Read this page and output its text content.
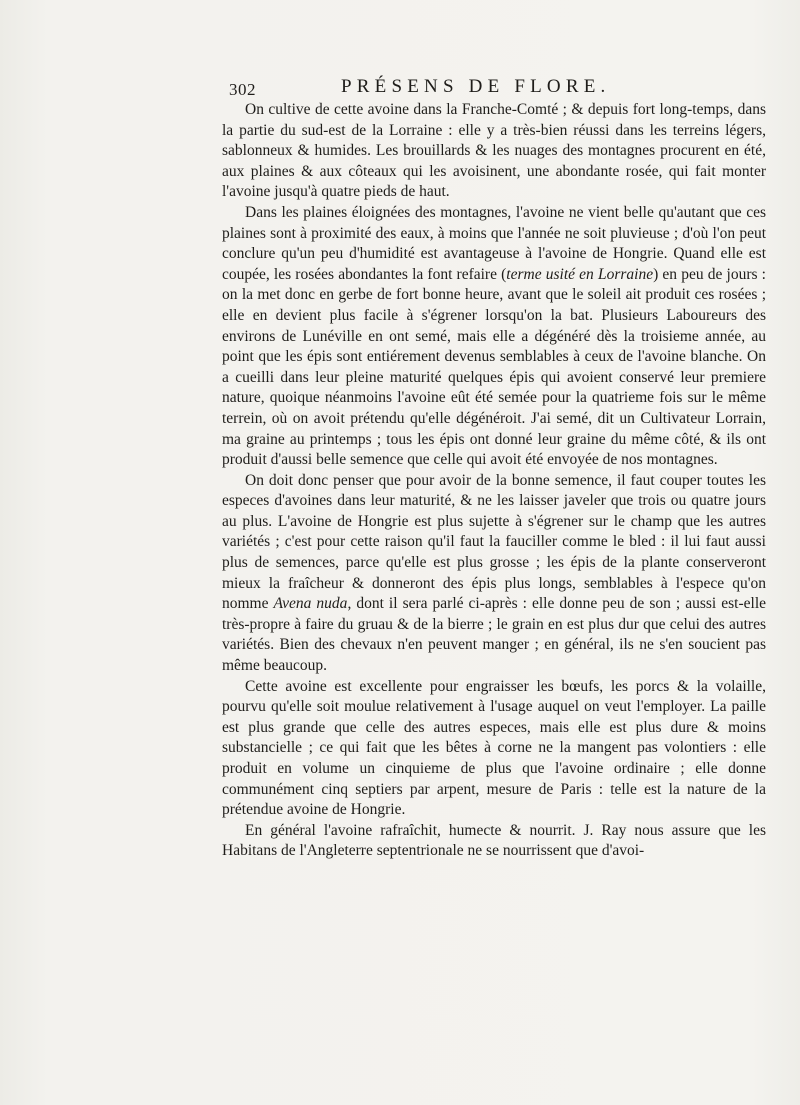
302	PRÉSENS DE FLORE.

On cultive de cette avoine dans la Franche-Comté ; & depuis fort long-temps, dans la partie du sud-est de la Lorraine : elle y a très-bien réussi dans les terreins légers, sablonneux & humides. Les brouillards & les nuages des montagnes procurent en été, aux plaines & aux côteaux qui les avoisinent, une abondante rosée, qui fait monter l'avoine jusqu'à quatre pieds de haut.

Dans les plaines éloignées des montagnes, l'avoine ne vient belle qu'autant que ces plaines sont à proximité des eaux, à moins que l'année ne soit pluvieuse ; d'où l'on peut conclure qu'un peu d'humidité est avantageuse à l'avoine de Hongrie. Quand elle est coupée, les rosées abondantes la font refaire (terme usité en Lorraine) en peu de jours : on la met donc en gerbe de fort bonne heure, avant que le soleil ait produit ces rosées ; elle en devient plus facile à s'égrener lorsqu'on la bat. Plusieurs Laboureurs des environs de Lunéville en ont semé, mais elle a dégénéré dès la troisieme année, au point que les épis sont entiérement devenus semblables à ceux de l'avoine blanche. On a cueilli dans leur pleine maturité quelques épis qui avoient conservé leur premiere nature, quoique néanmoins l'avoine eût été semée pour la quatrieme fois sur le même terrein, où on avoit prétendu qu'elle dégénéroit. J'ai semé, dit un Cultivateur Lorrain, ma graine au printemps ; tous les épis ont donné leur graine du même côté, & ils ont produit d'aussi belle semence que celle qui avoit été envoyée de nos montagnes.

On doit donc penser que pour avoir de la bonne semence, il faut couper toutes les especes d'avoines dans leur maturité, & ne les laisser javeler que trois ou quatre jours au plus. L'avoine de Hongrie est plus sujette à s'égrener sur le champ que les autres variétés ; c'est pour cette raison qu'il faut la fauciller comme le bled : il lui faut aussi plus de semences, parce qu'elle est plus grosse ; les épis de la plante conserveront mieux la fraîcheur & donneront des épis plus longs, semblables à l'espece qu'on nomme Avena nuda, dont il sera parlé ci-après : elle donne peu de son ; aussi est-elle très-propre à faire du gruau & de la bierre ; le grain en est plus dur que celui des autres variétés. Bien des chevaux n'en peuvent manger ; en général, ils ne s'en soucient pas même beaucoup.

Cette avoine est excellente pour engraisser les bœufs, les porcs & la volaille, pourvu qu'elle soit moulue relativement à l'usage auquel on veut l'employer. La paille est plus grande que celle des autres especes, mais elle est plus dure & moins substancielle ; ce qui fait que les bêtes à corne ne la mangent pas volontiers : elle produit en volume un cinquieme de plus que l'avoine ordinaire ; elle donne communément cinq septiers par arpent, mesure de Paris : telle est la nature de la prétendue avoine de Hongrie.

En général l'avoine rafraîchit, humecte & nourrit. J. Ray nous assure que les Habitans de l'Angleterre septentrionale ne se nourrissent que d'avoi-
